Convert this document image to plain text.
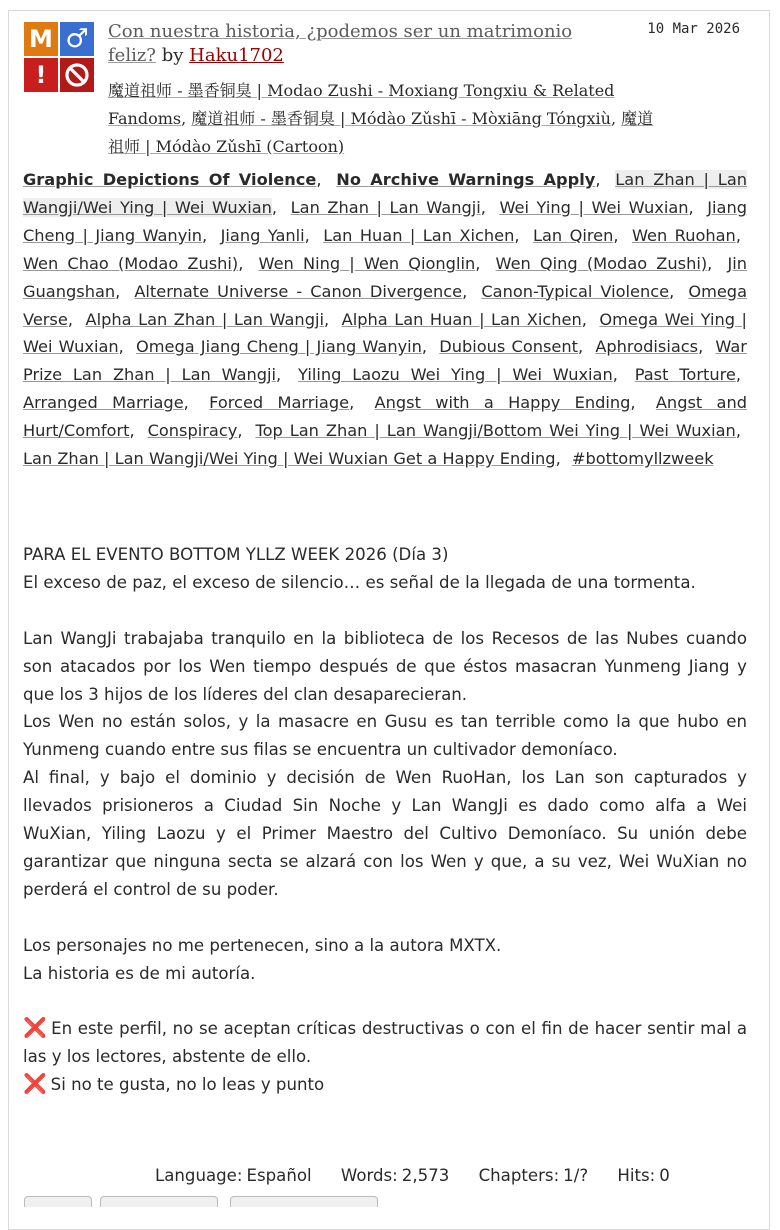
M ♂
!
Con nuestra historia, ¿podemos ser un matrimonio feliz? by Haku1702
10 Mar 2026
魔道祖师 - 墨香铜臭 | Modao Zushi - Moxiang Tongxiu & Related Fandoms, 魔道祖师 - 墨香铜臭 | Módào Zǔshī - Mòxiāng Tóngxiù, 魔道祖师 | Módào Zǔshī (Cartoon)
Graphic Depictions Of Violence, No Archive Warnings Apply, Lan Zhan | Lan Wangji/Wei Ying | Wei Wuxian, Lan Zhan | Lan Wangji, Wei Ying | Wei Wuxian, Jiang Cheng | Jiang Wanyin, Jiang Yanli, Lan Huan | Lan Xichen, Lan Qiren, Wen Ruohan, Wen Chao (Modao Zushi), Wen Ning | Wen Qionglin, Wen Qing (Modao Zushi), Jin Guangshan, Alternate Universe - Canon Divergence, Canon-Typical Violence, Omega Verse, Alpha Lan Zhan | Lan Wangji, Alpha Lan Huan | Lan Xichen, Omega Wei Ying | Wei Wuxian, Omega Jiang Cheng | Jiang Wanyin, Dubious Consent, Aphrodisiacs, War Prize Lan Zhan | Lan Wangji, Yiling Laozu Wei Ying | Wei Wuxian, Past Torture, Arranged Marriage, Forced Marriage, Angst with a Happy Ending, Angst and Hurt/Comfort, Conspiracy, Top Lan Zhan | Lan Wangji/Bottom Wei Ying | Wei Wuxian, Lan Zhan | Lan Wangji/Wei Ying | Wei Wuxian Get a Happy Ending, #bottomyllzweek

PARA EL EVENTO BOTTOM YLLZ WEEK 2026 (Día 3)

El exceso de paz, el exceso de silencio… es señal de la llegada de una tormenta.

Lan WangJi trabajaba tranquilo en la biblioteca de los Recesos de las Nubes cuando son atacados por los Wen tiempo después de que éstos masacran Yunmeng Jiang y que los 3 hijos de los líderes del clan desaparecieran.

Los Wen no están solos, y la masacre en Gusu es tan terrible como la que hubo en Yunmeng cuando entre sus filas se encuentra un cultivador demoníaco.

Al final, y bajo el dominio y decisión de Wen RuoHan, los Lan son capturados y llevados prisioneros a Ciudad Sin Noche y Lan WangJi es dado como alfa a Wei WuXian, Yiling Laozu y el Primer Maestro del Cultivo Demoníaco. Su unión debe garantizar que ninguna secta se alzará con los Wen y que, a su vez, Wei WuXian no perderá el control de su poder.

Los personajes no me pertenecen, sino a la autora MXTX.

La historia es de mi autoría.

❌ En este perfil, no se aceptan críticas destructivas o con el fin de hacer sentir mal a las y los lectores, abstente de ello.

❌ Si no te gusta, no lo leas y punto

Language: Español Words: 2,573 Chapters: 1/? Hits: 0
